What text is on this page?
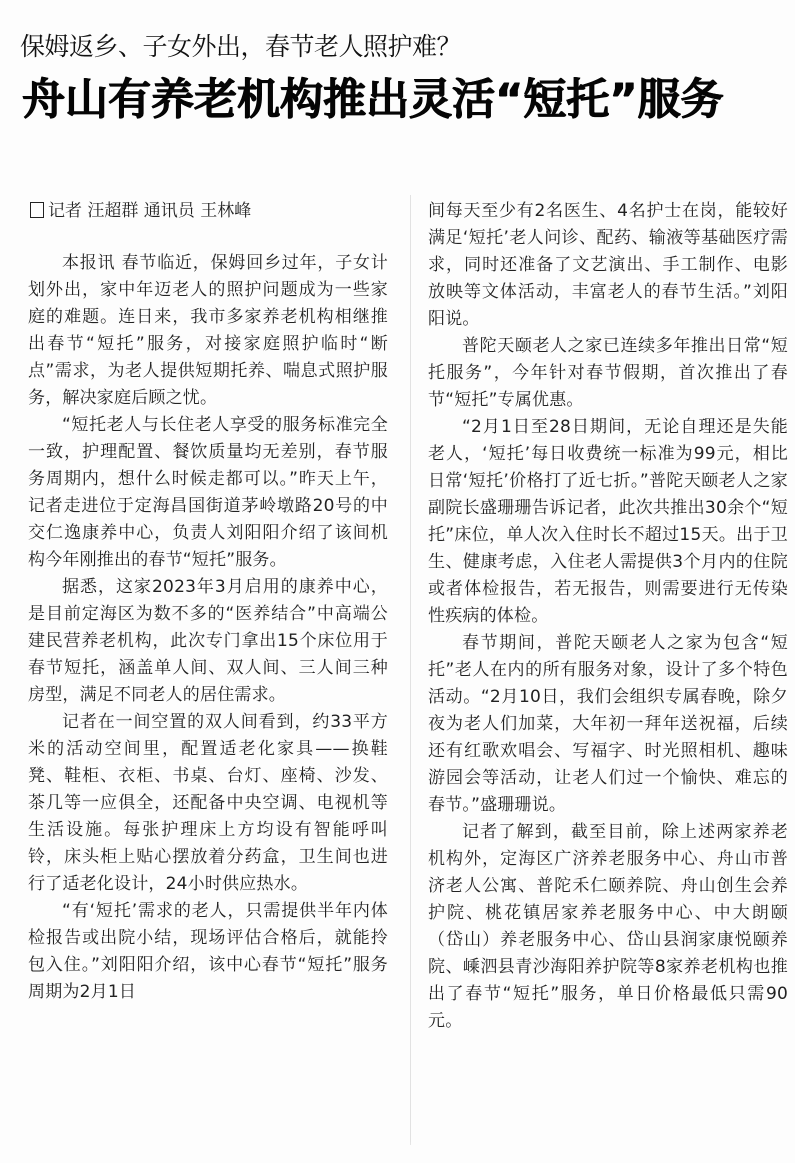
保姆返乡、子女外出，春节老人照护难？
舟山有养老机构推出灵活“短托”服务
记者 汪超群 通讯员 王林峰

本报讯 春节临近，保姆回乡过年，子女计划外出，家中年迈老人的照护问题成为一些家庭的难题。连日来，我市多家养老机构相继推出春节“短托”服务，对接家庭照护临时“断点”需求，为老人提供短期托养、喘息式照护服务，解决家庭后顾之忧。

“短托老人与长住老人享受的服务标准完全一致，护理配置、餐饮质量均无差别，春节服务周期内，想什么时候走都可以。”昨天上午，记者走进位于定海昌国街道茅岭墩路20号的中交仁逸康养中心，负责人刘阳阳介绍了该间机构今年刚推出的春节“短托”服务。

据悉，这家2023年3月启用的康养中心，是目前定海区为数不多的“医养结合”中高端公建民营养老机构，此次专门拿出15个床位用于春节短托，涵盖单人间、双人间、三人间三种房型，满足不同老人的居住需求。

记者在一间空置的双人间看到，约33平方米的活动空间里，配置适老化家具——换鞋凳、鞋柜、衣柜、书桌、台灯、座椅、沙发、茶几等一应俱全，还配备中央空调、电视机等生活设施。每张护理床上方均设有智能呼叫铃，床头柜上贴心摆放着分药盒，卫生间也进行了适老化设计，24小时供应热水。

“有‘短托’需求的老人，只需提供半年内体检报告或出院小结，现场评估合格后，就能拎包入住。”刘阳阳介绍，该中心春节“短托”服务周期为2月1日

间每天至少有2名医生、4名护士在岗，能较好满足‘短托’老人问诊、配药、输液等基础医疗需求，同时还准备了文艺演出、手工制作、电影放映等文体活动，丰富老人的春节生活。”刘阳阳说。

普陀天颐老人之家已连续多年推出日常“短托服务”，今年针对春节假期，首次推出了春节“短托”专属优惠。

“2月1日至28日期间，无论自理还是失能老人，‘短托’每日收费统一标准为99元，相比日常‘短托’价格打了近七折。”普陀天颐老人之家副院长盛珊珊告诉记者，此次共推出30余个“短托”床位，单人次入住时长不超过15天。出于卫生、健康考虑，入住老人需提供3个月内的住院或者体检报告，若无报告，则需要进行无传染性疾病的体检。

春节期间，普陀天颐老人之家为包含“短托”老人在内的所有服务对象，设计了多个特色活动。“2月10日，我们会组织专属春晚，除夕夜为老人们加菜，大年初一拜年送祝福，后续还有红歌欢唱会、写福字、时光照相机、趣味游园会等活动，让老人们过一个愉快、难忘的春节。”盛珊珊说。

记者了解到，截至目前，除上述两家养老机构外，定海区广济养老服务中心、舟山市普济老人公寓、普陀禾仁颐养院、舟山创生会养护院、桃花镇居家养老服务中心、中大朗颐（岱山）养老服务中心、岱山县润家康悦颐养院、嵊泗县青沙海阳养护院等8家养老机构也推出了春节“短托”服务，单日价格最低只需90元。
